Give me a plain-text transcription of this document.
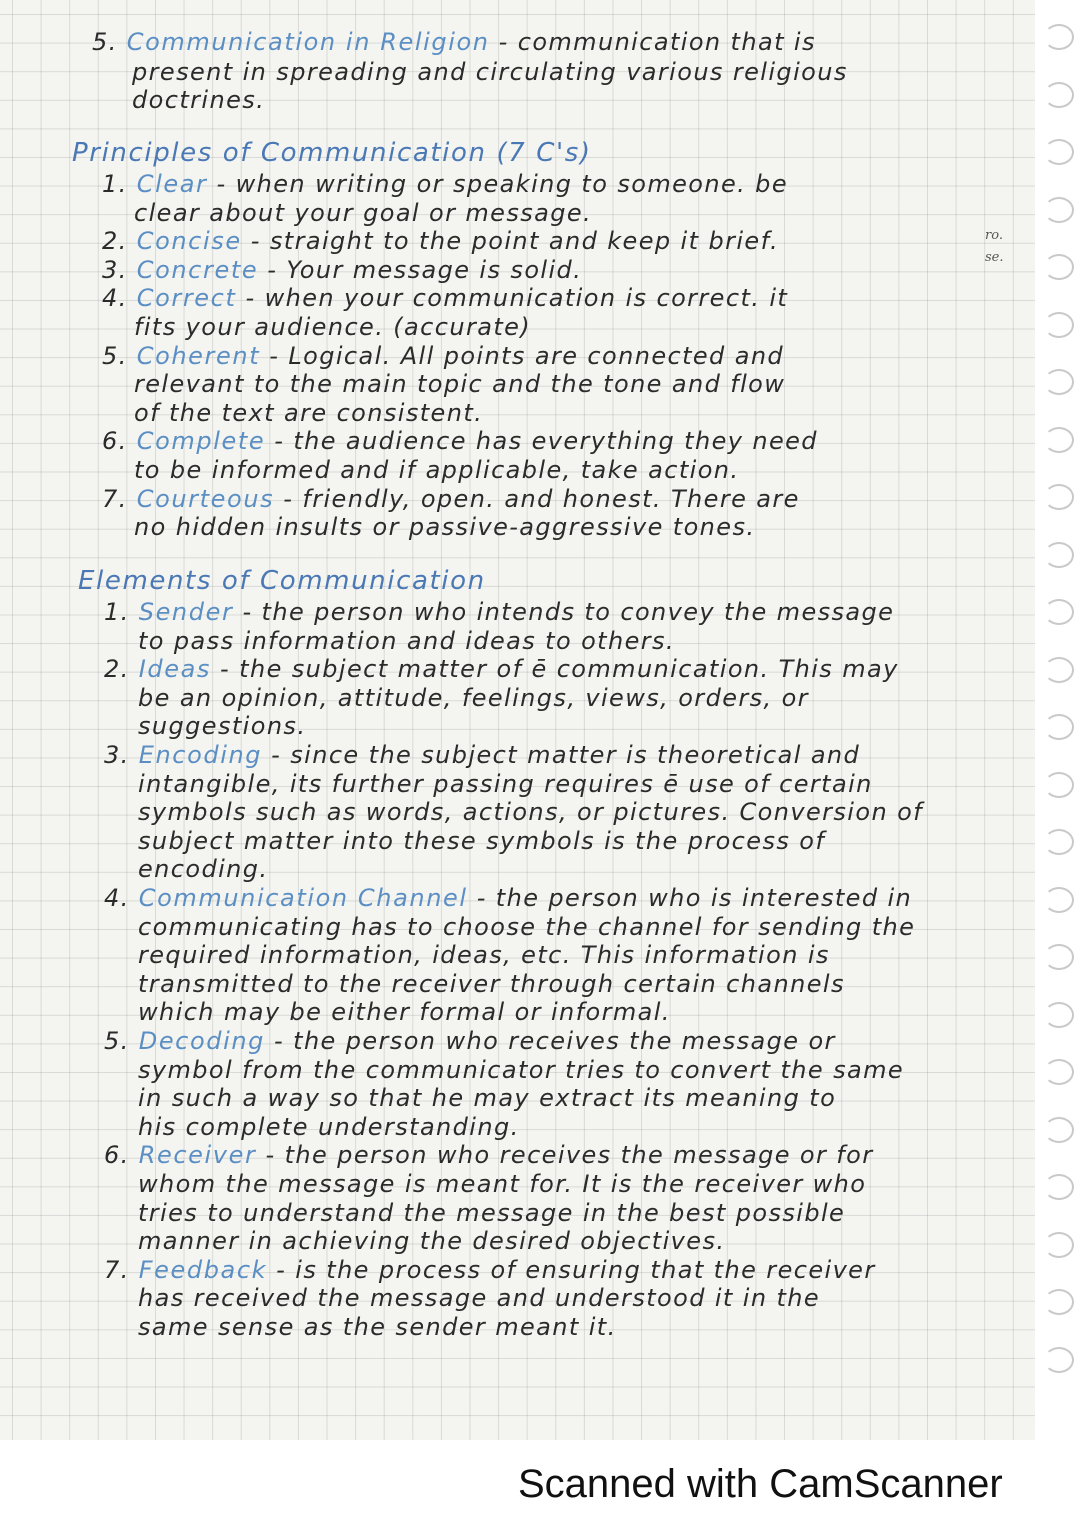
ro.
se.
5. Communication in Religion - communication that is
present in spreading and circulating various religious
doctrines.
Principles of Communication (7 C's)
1. Clear - when writing or speaking to someone. be
clear about your goal or message.
2. Concise - straight to the point and keep it brief.
3. Concrete - Your message is solid.
4. Correct - when your communication is correct. it
fits your audience. (accurate)
5. Coherent - Logical. All points are connected and
relevant to the main topic and the tone and flow
of the text are consistent.
6. Complete - the audience has everything they need
to be informed and if applicable, take action.
7. Courteous - friendly, open. and honest. There are
no hidden insults or passive-aggressive tones.
Elements of Communication
1. Sender - the person who intends to convey the message
to pass information and ideas to others.
2. Ideas - the subject matter of ē communication. This may
be an opinion, attitude, feelings, views, orders, or
suggestions.
3. Encoding - since the subject matter is theoretical and
intangible, its further passing requires ē use of certain
symbols such as words, actions, or pictures. Conversion of
subject matter into these symbols is the process of
encoding.
4. Communication Channel - the person who is interested in
communicating has to choose the channel for sending the
required information, ideas, etc. This information is
transmitted to the receiver through certain channels
which may be either formal or informal.
5. Decoding - the person who receives the message or
symbol from the communicator tries to convert the same
in such a way so that he may extract its meaning to
his complete understanding.
6. Receiver - the person who receives the message or for
whom the message is meant for. It is the receiver who
tries to understand the message in the best possible
manner in achieving the desired objectives.
7. Feedback - is the process of ensuring that the receiver
has received the message and understood it in the
same sense as the sender meant it.
Scanned with CamScanner
